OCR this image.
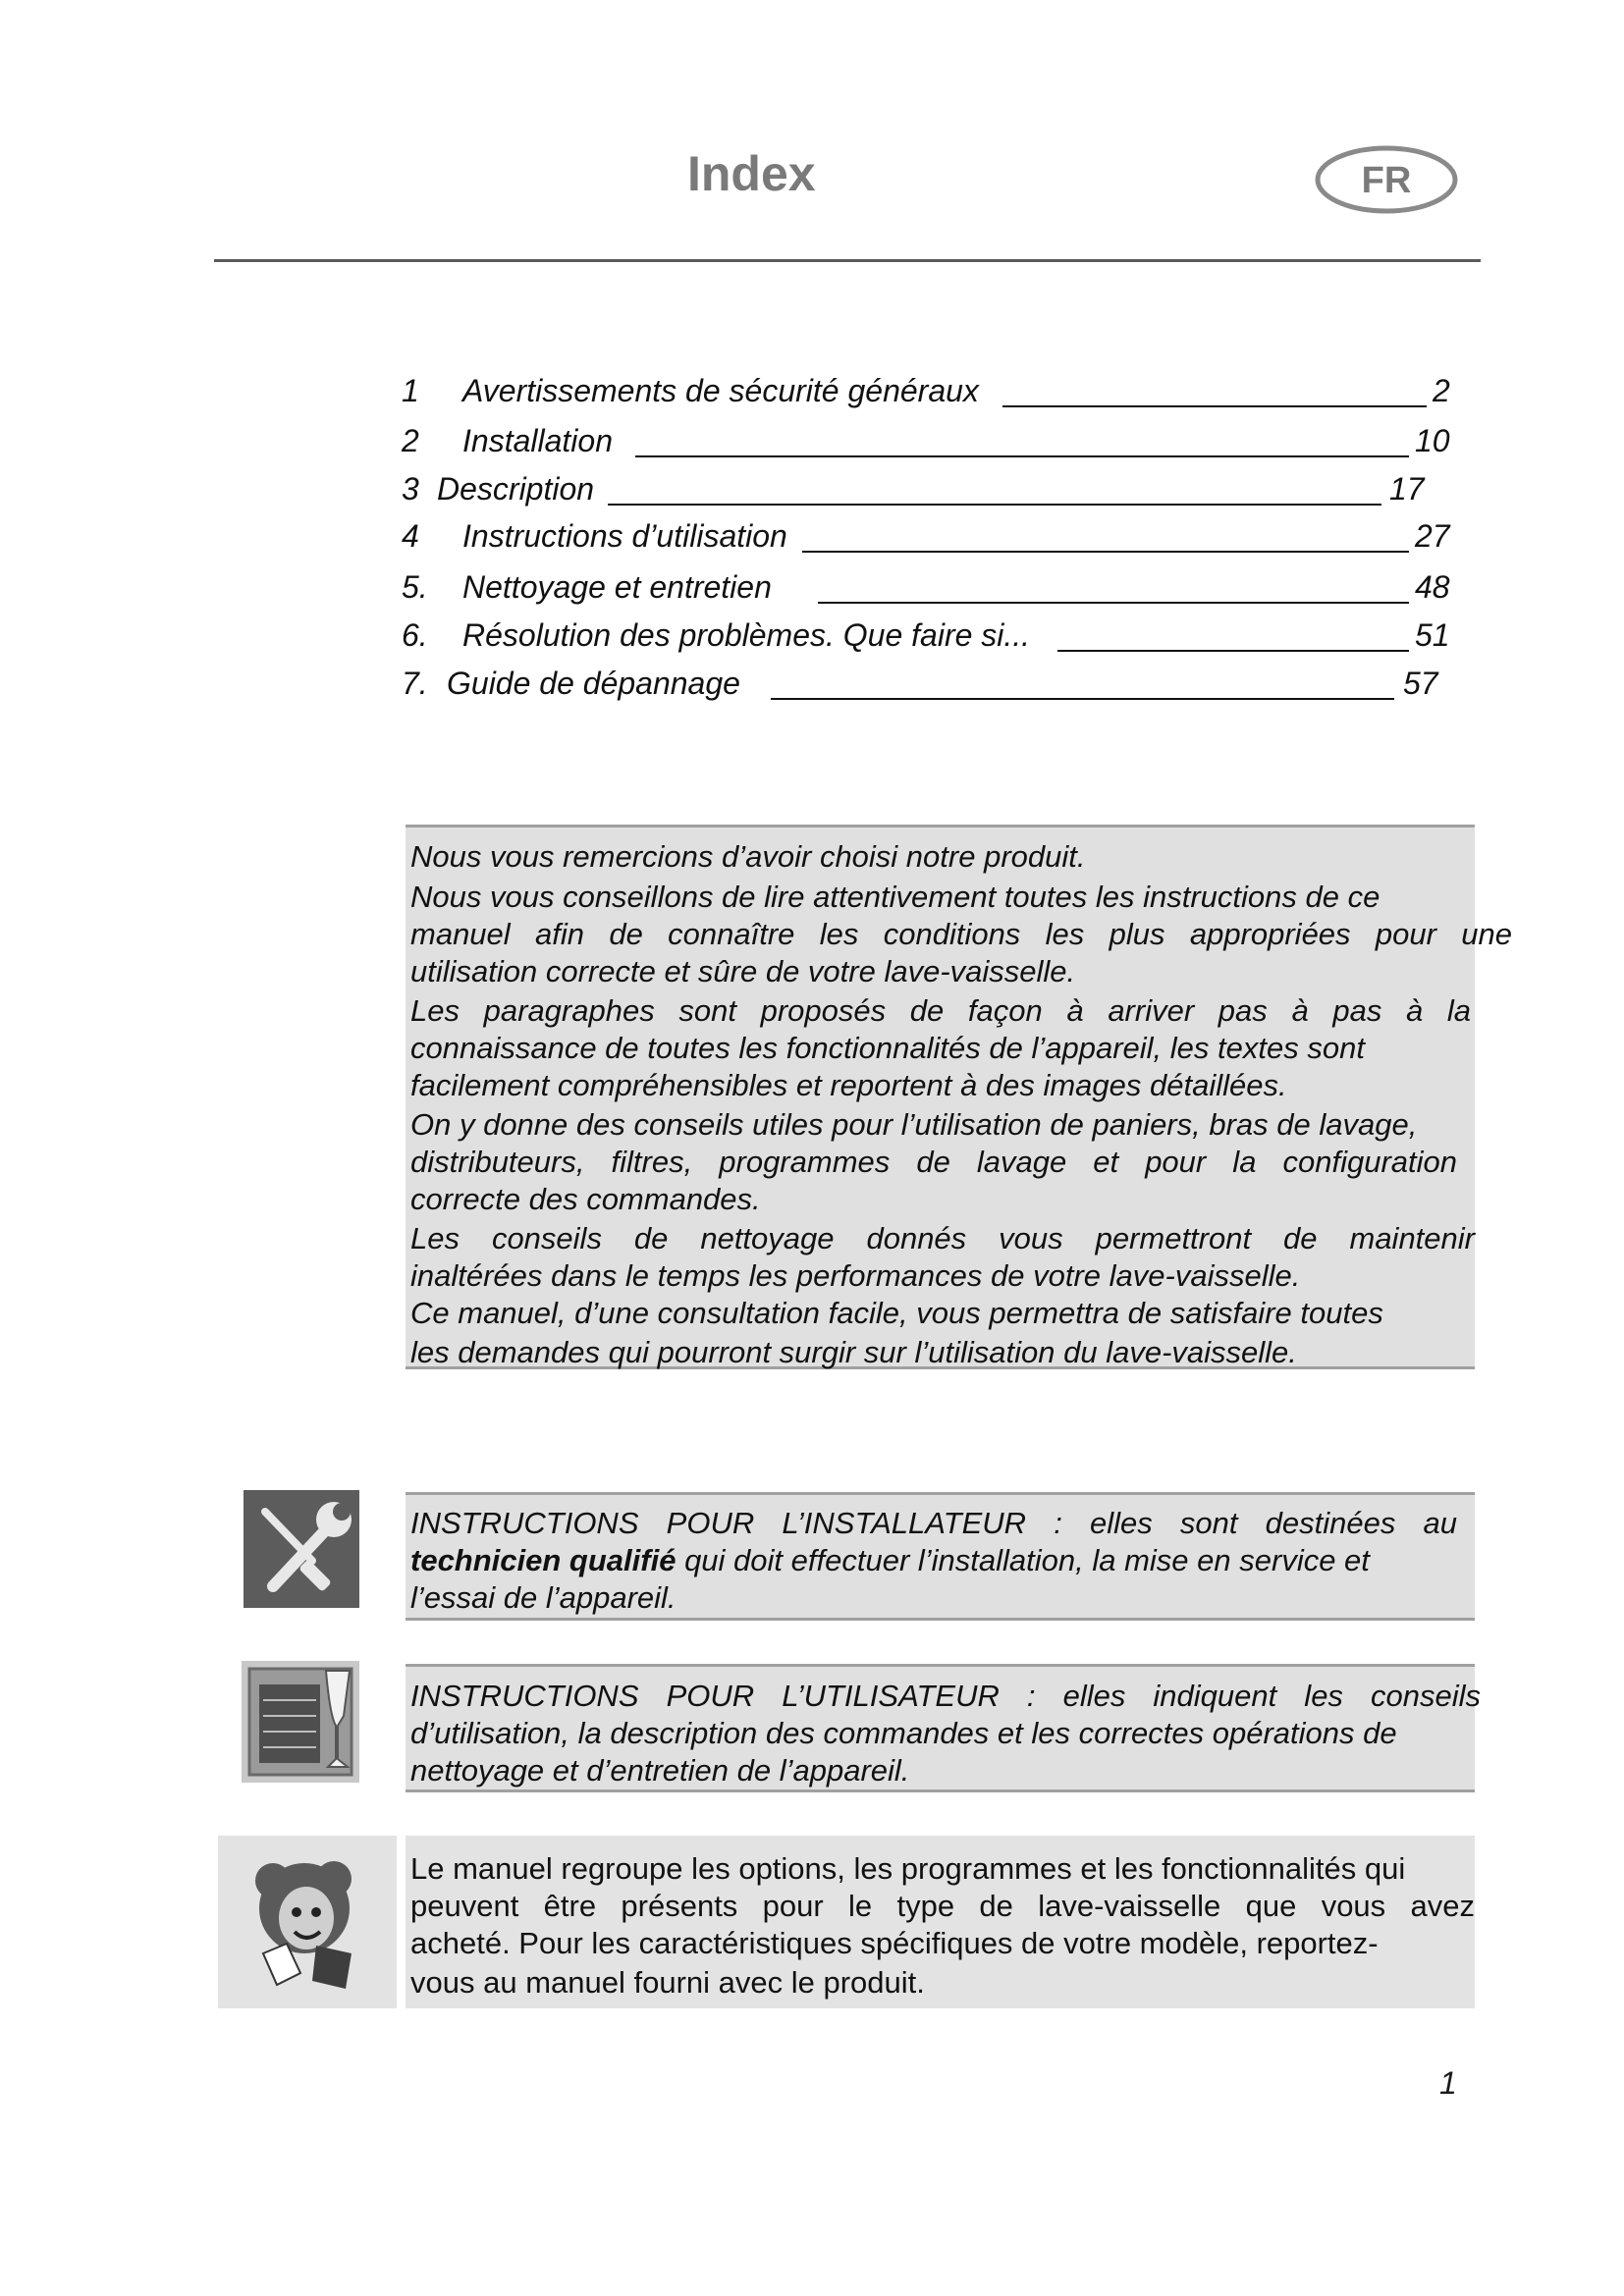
Index	FR
1 Avertissements de sécurité généraux	2
2 Installation	10
3 Description	17
4 Instructions d’utilisation	27
5. Nettoyage et entretien	48
6. Résolution des problèmes. Que faire si...	51
7. Guide de dépannage	57
Nous vous remercions d’avoir choisi notre produit.
Nous vous conseillons de lire attentivement toutes les instructions de ce
manuel afin de connaître les conditions les plus appropriées pour une
utilisation correcte et sûre de votre lave-vaisselle.
Les paragraphes sont proposés de façon à arriver pas à pas à la
connaissance de toutes les fonctionnalités de l’appareil, les textes sont
facilement compréhensibles et reportent à des images détaillées.
On y donne des conseils utiles pour l’utilisation de paniers, bras de lavage,
distributeurs, filtres, programmes de lavage et pour la configuration
correcte des commandes.
Les conseils de nettoyage donnés vous permettront de maintenir
inaltérées dans le temps les performances de votre lave-vaisselle.
Ce manuel, d’une consultation facile, vous permettra de satisfaire toutes
les demandes qui pourront surgir sur l’utilisation du lave-vaisselle.
INSTRUCTIONS POUR L’INSTALLATEUR : elles sont destinées au
technicien qualifié qui doit effectuer l’installation, la mise en service et
l’essai de l’appareil.
INSTRUCTIONS POUR L’UTILISATEUR : elles indiquent les conseils
d’utilisation, la description des commandes et les correctes opérations de
nettoyage et d’entretien de l’appareil.
Le manuel regroupe les options, les programmes et les fonctionnalités qui
peuvent être présents pour le type de lave-vaisselle que vous avez
acheté. Pour les caractéristiques spécifiques de votre modèle, reportez-
vous au manuel fourni avec le produit.
1
